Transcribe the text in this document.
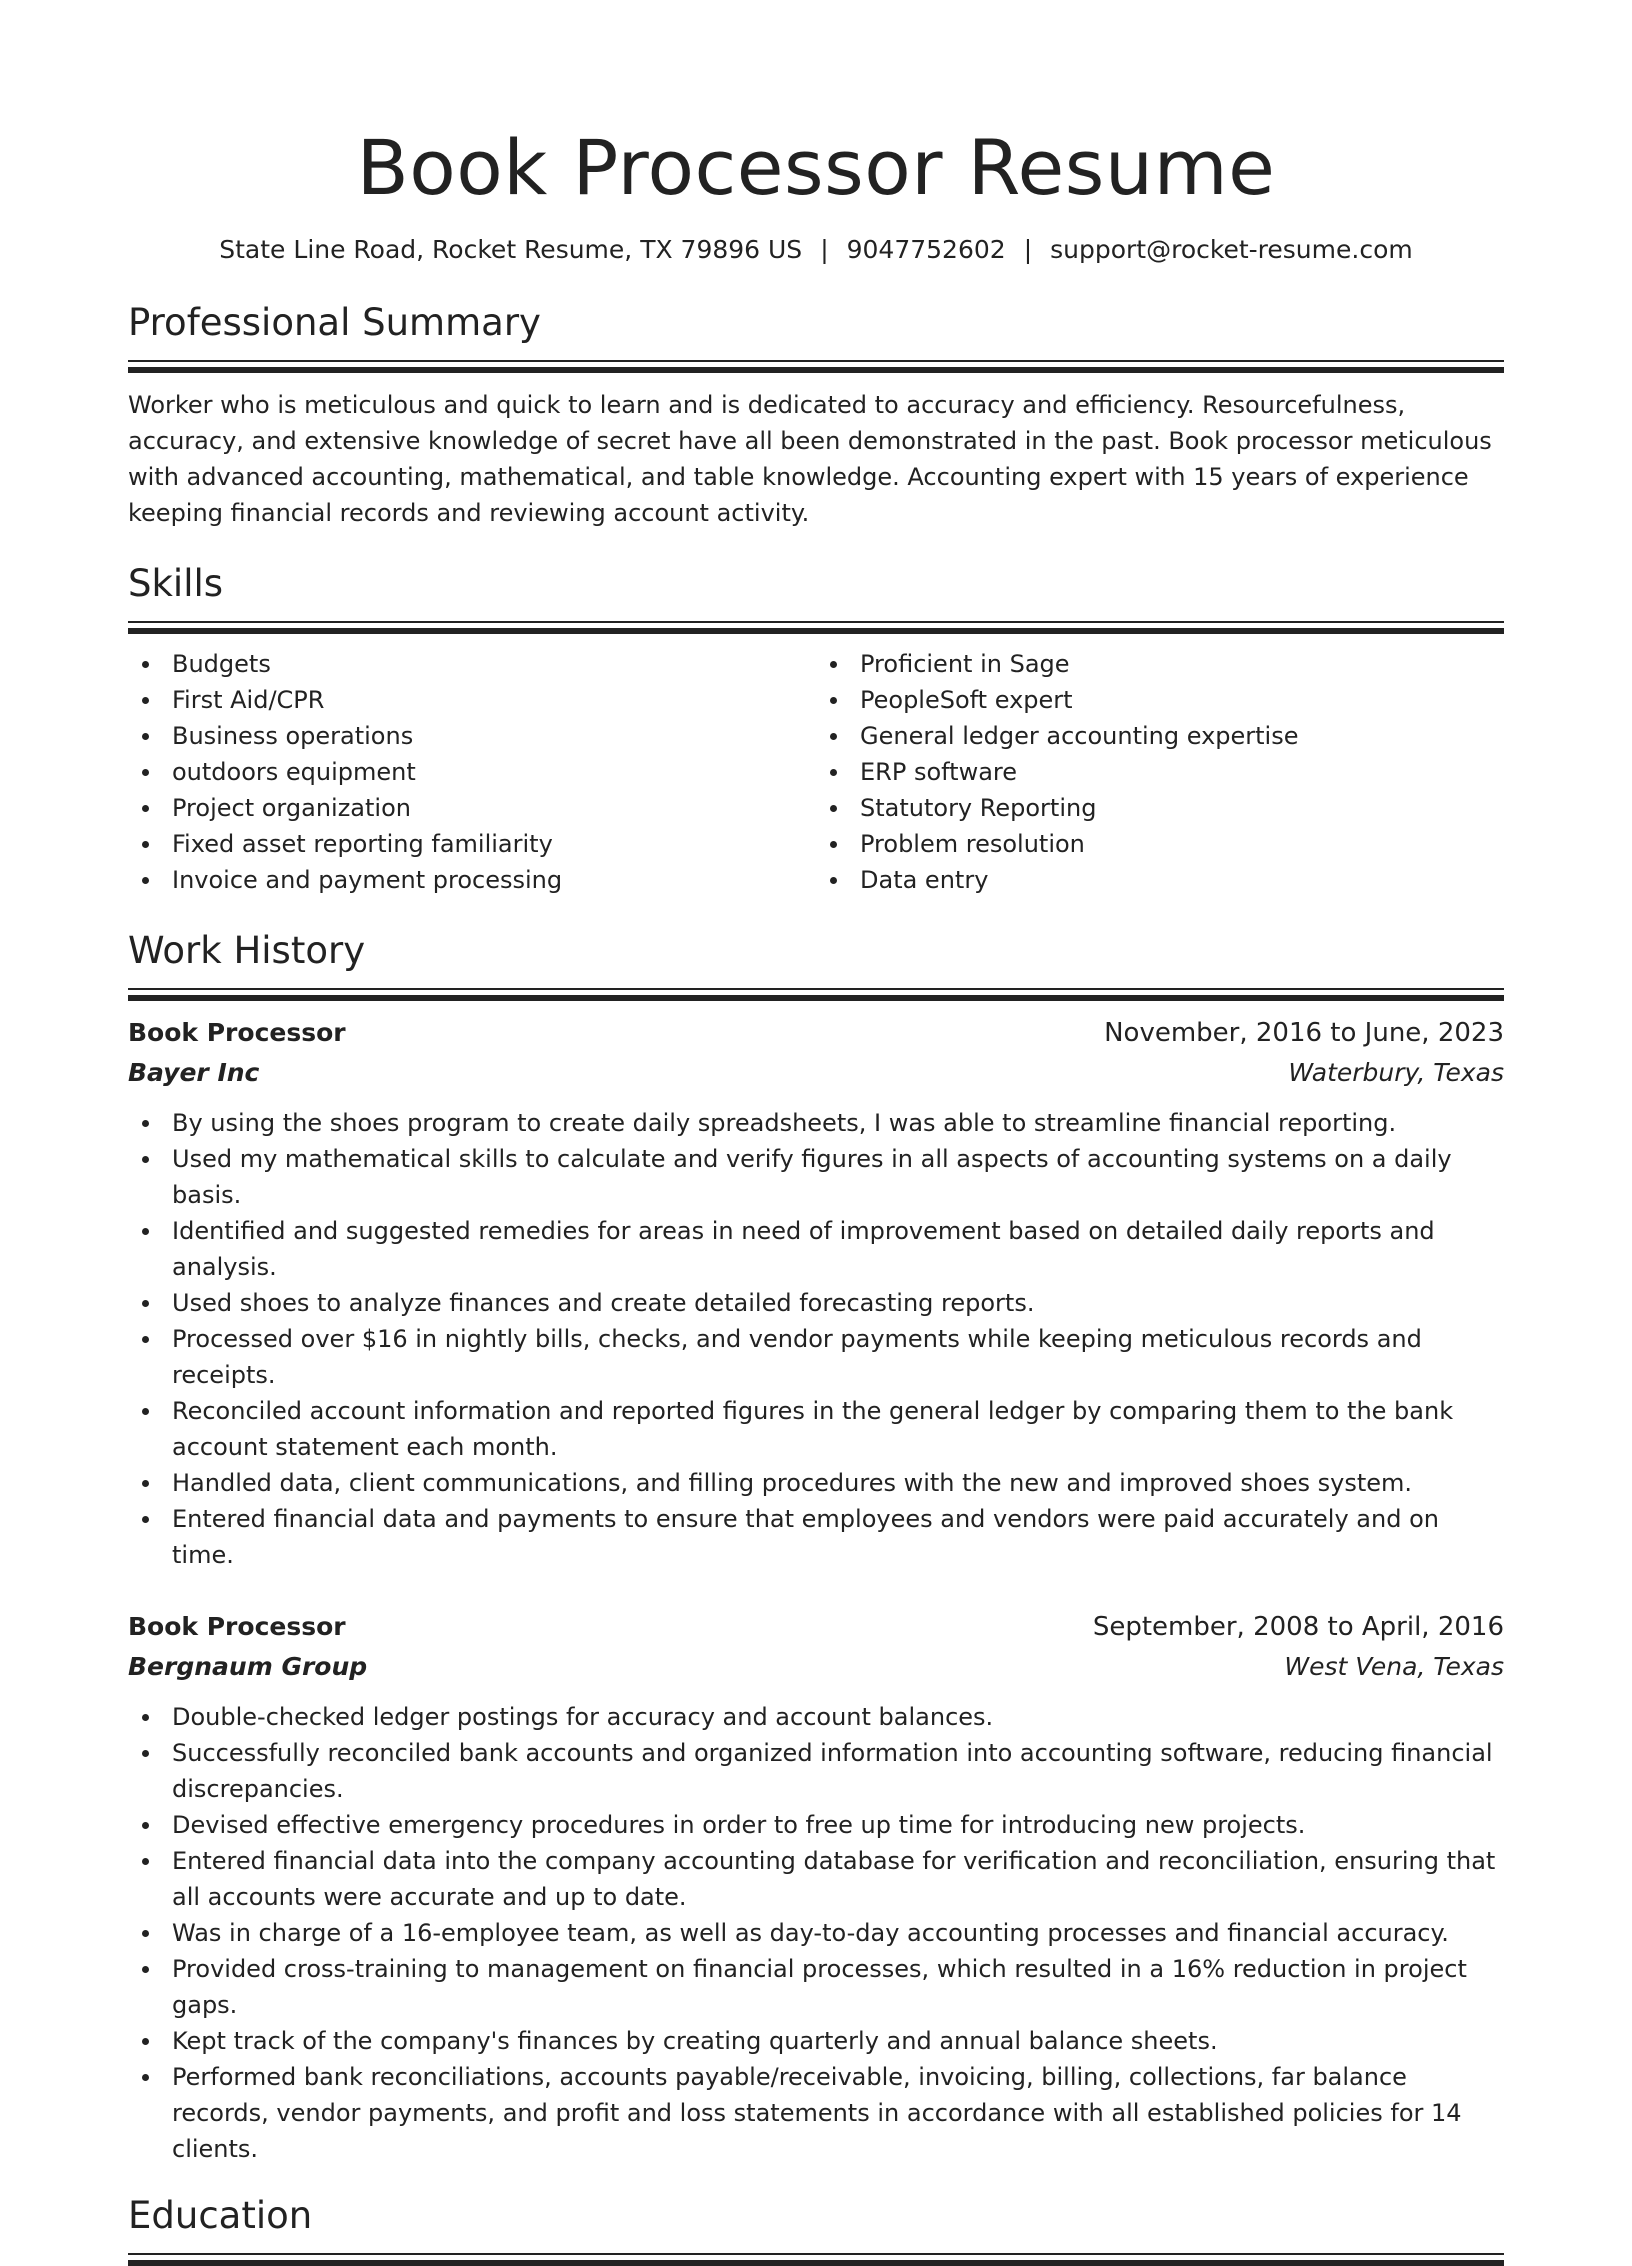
Book Processor Resume
State Line Road, Rocket Resume, TX 79896 US | 9047752602 | support@rocket-resume.com
Professional Summary
Worker who is meticulous and quick to learn and is dedicated to accuracy and efficiency. Resourcefulness, accuracy, and extensive knowledge of secret have all been demonstrated in the past. Book processor meticulous with advanced accounting, mathematical, and table knowledge. Accounting expert with 15 years of experience keeping financial records and reviewing account activity.
Skills
Budgets
First Aid/CPR
Business operations
outdoors equipment
Project organization
Fixed asset reporting familiarity
Invoice and payment processing
Proficient in Sage
PeopleSoft expert
General ledger accounting expertise
ERP software
Statutory Reporting
Problem resolution
Data entry
Work History
Book Processor	November, 2016 to June, 2023
Bayer Inc	Waterbury, Texas
By using the shoes program to create daily spreadsheets, I was able to streamline financial reporting.
Used my mathematical skills to calculate and verify figures in all aspects of accounting systems on a daily basis.
Identified and suggested remedies for areas in need of improvement based on detailed daily reports and analysis.
Used shoes to analyze finances and create detailed forecasting reports.
Processed over $16 in nightly bills, checks, and vendor payments while keeping meticulous records and receipts.
Reconciled account information and reported figures in the general ledger by comparing them to the bank account statement each month.
Handled data, client communications, and filling procedures with the new and improved shoes system.
Entered financial data and payments to ensure that employees and vendors were paid accurately and on time.
Book Processor	September, 2008 to April, 2016
Bergnaum Group	West Vena, Texas
Double-checked ledger postings for accuracy and account balances.
Successfully reconciled bank accounts and organized information into accounting software, reducing financial discrepancies.
Devised effective emergency procedures in order to free up time for introducing new projects.
Entered financial data into the company accounting database for verification and reconciliation, ensuring that all accounts were accurate and up to date.
Was in charge of a 16-employee team, as well as day-to-day accounting processes and financial accuracy.
Provided cross-training to management on financial processes, which resulted in a 16% reduction in project gaps.
Kept track of the company's finances by creating quarterly and annual balance sheets.
Performed bank reconciliations, accounts payable/receivable, invoicing, billing, collections, far balance records, vendor payments, and profit and loss statements in accordance with all established policies for 14 clients.
Education
